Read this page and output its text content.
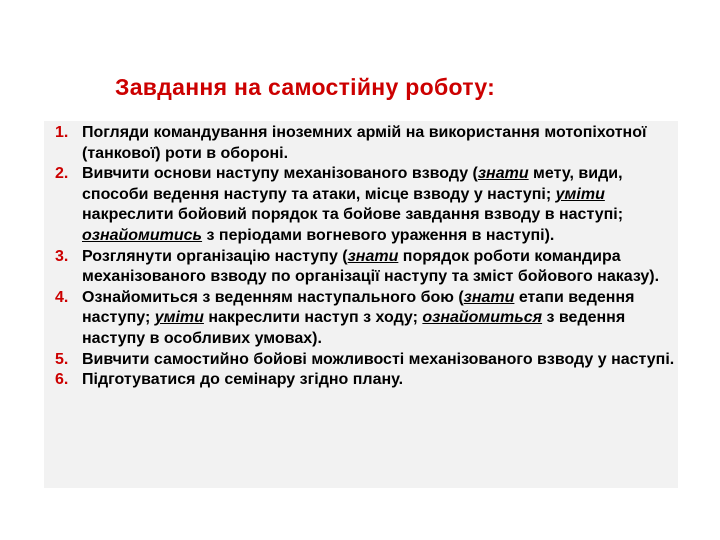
Завдання на самостійну роботу:
1. Погляди командування іноземних армій на використання мотопіхотної (танкової) роти в обороні.
2. Вивчити основи наступу механізованого взводу (знати мету, види, способи ведення наступу та атаки, місце взводу у наступі; уміти накреслити бойовий порядок та бойове завдання взводу в наступі; ознайомитись з періодами вогневого ураження в наступі).
3. Розглянути організацію наступу (знати порядок роботи командира механізованого взводу по організації наступу та зміст бойового наказу).
4. Ознайомиться з веденням наступального бою (знати етапи ведення наступу; уміти накреслити наступ з ходу; ознайомиться з ведення наступу в особливих умовах).
5. Вивчити самостийно бойові можливості механізованого взводу у наступі.
6. Підготуватися до семінару згідно плану.
